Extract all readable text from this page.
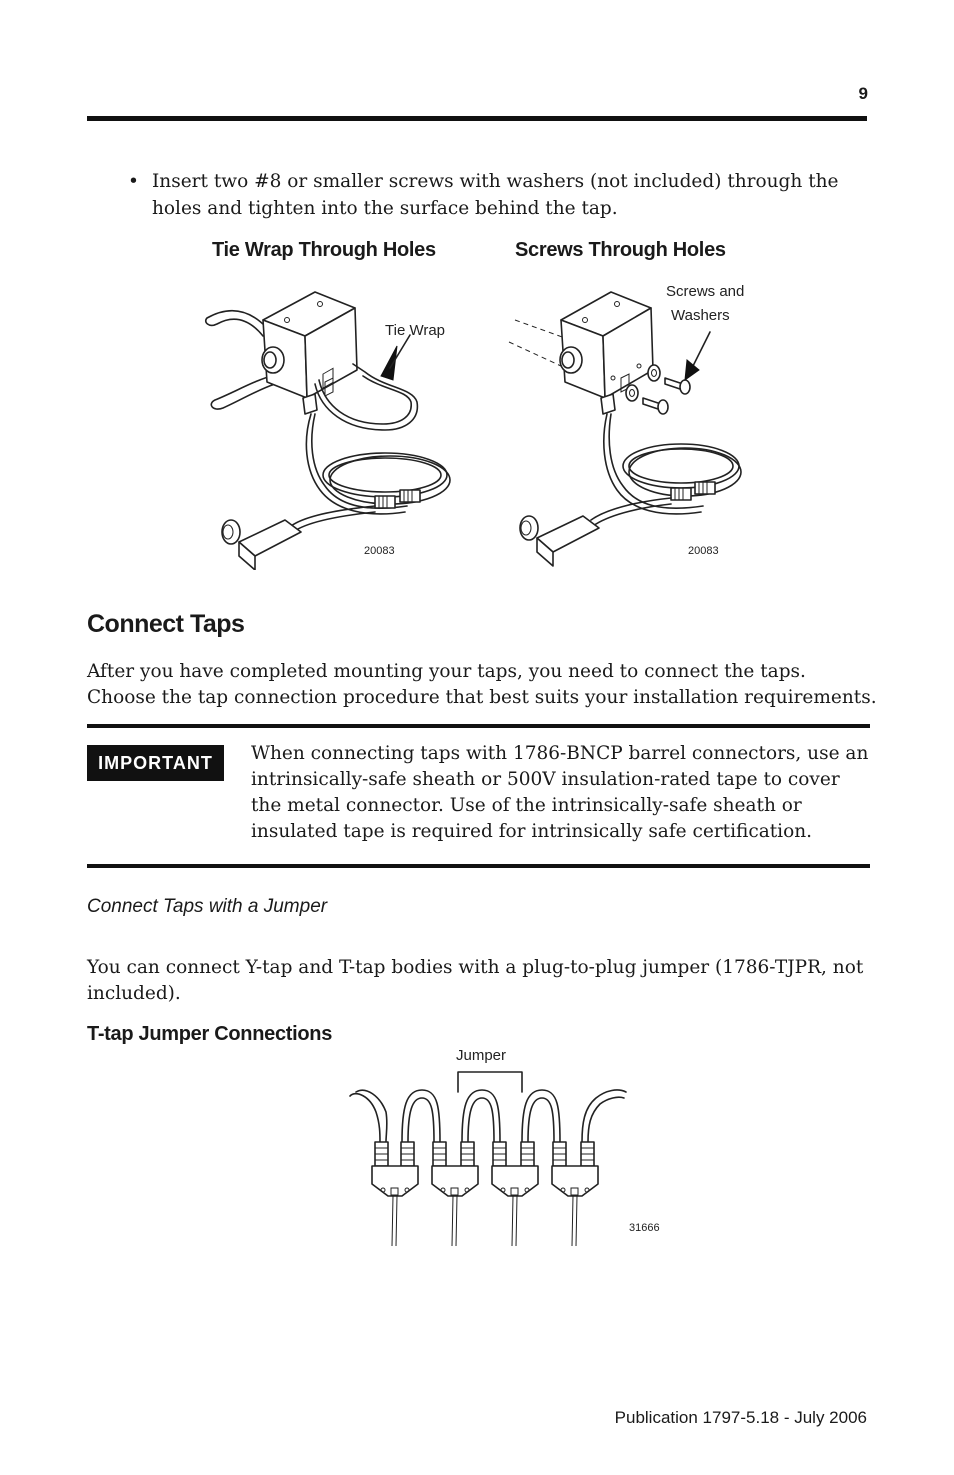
9
• Insert two #8 or smaller screws with washers (not included) through the holes and tighten into the surface behind the tap.
Tie Wrap Through Holes
Tie Wrap
20083
Screws Through Holes
Screws and
Washers
20083
Connect Taps
After you have completed mounting your taps, you need to connect the taps. Choose the tap connection procedure that best suits your installation requirements.
IMPORTANT	When connecting taps with 1786-BNCP barrel connectors, use an intrinsically-safe sheath or 500V insulation-rated tape to cover the metal connector. Use of the intrinsically-safe sheath or insulated tape is required for intrinsically safe certification.
Connect Taps with a Jumper
You can connect Y-tap and T-tap bodies with a plug-to-plug jumper (1786-TJPR, not included).
T-tap Jumper Connections
Jumper
31666
Publication 1797-5.18 - July 2006
